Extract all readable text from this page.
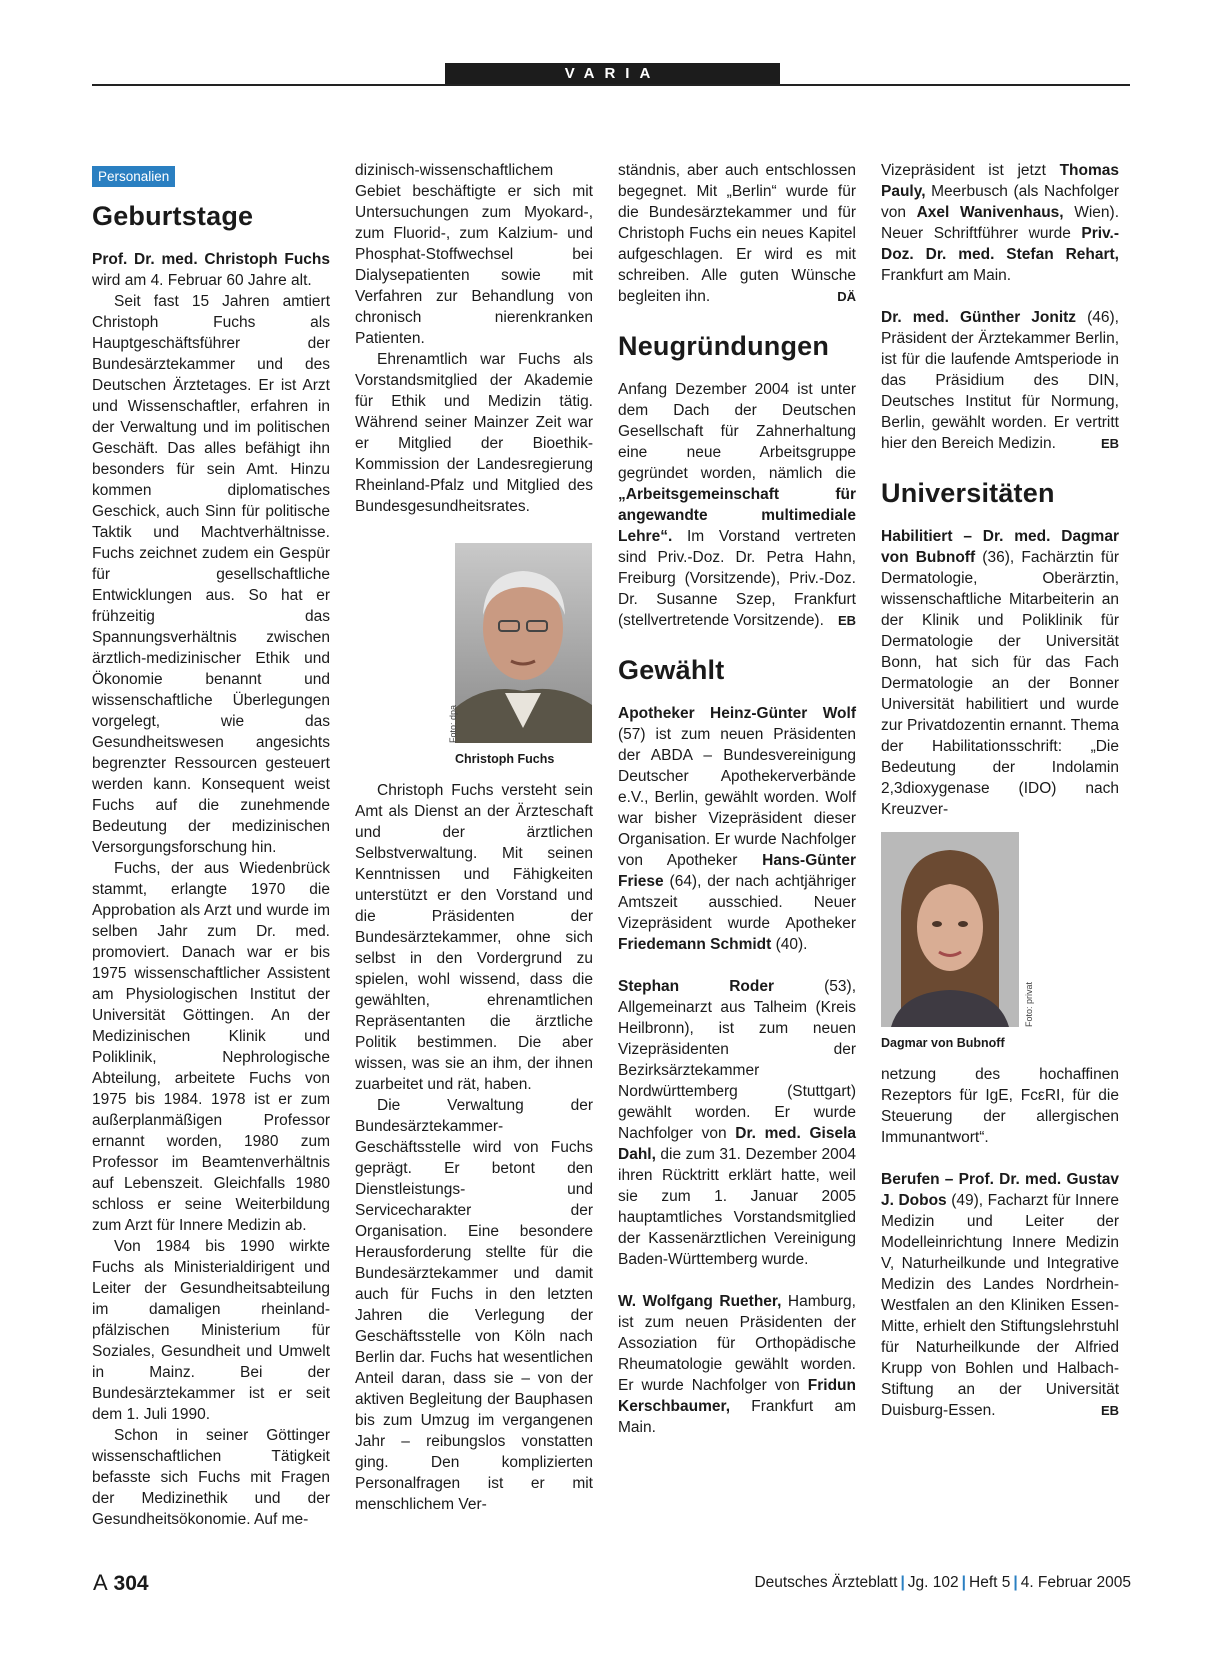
VARIA
Personalien
Geburtstage

Prof. Dr. med. Christoph Fuchs wird am 4. Februar 60 Jahre alt.

Seit fast 15 Jahren amtiert Christoph Fuchs als Hauptgeschäftsführer der Bundesärztekammer und des Deutschen Ärztetages. Er ist Arzt und Wissenschaftler, erfahren in der Verwaltung und im politischen Geschäft. Das alles befähigt ihn besonders für sein Amt. Hinzu kommen diplomatisches Geschick, auch Sinn für politische Taktik und Machtverhältnisse. Fuchs zeichnet zudem ein Gespür für gesellschaftliche Entwicklungen aus. So hat er frühzeitig das Spannungsverhältnis zwischen ärztlich-medizinischer Ethik und Ökonomie benannt und wissenschaftliche Überlegungen vorgelegt, wie das Gesundheitswesen angesichts begrenzter Ressourcen gesteuert werden kann. Konsequent weist Fuchs auf die zunehmende Bedeutung der medizinischen Versorgungsforschung hin.

Fuchs, der aus Wiedenbrück stammt, erlangte 1970 die Approbation als Arzt und wurde im selben Jahr zum Dr. med. promoviert. Danach war er bis 1975 wissenschaftlicher Assistent am Physiologischen Institut der Universität Göttingen. An der Medizinischen Klinik und Poliklinik, Nephrologische Abteilung, arbeitete Fuchs von 1975 bis 1984. 1978 ist er zum außerplanmäßigen Professor ernannt worden, 1980 zum Professor im Beamtenverhältnis auf Lebenszeit. Gleichfalls 1980 schloss er seine Weiterbildung zum Arzt für Innere Medizin ab.

Von 1984 bis 1990 wirkte Fuchs als Ministerialdirigent und Leiter der Gesundheitsabteilung im damaligen rheinland-pfälzischen Ministerium für Soziales, Gesundheit und Umwelt in Mainz. Bei der Bundesärztekammer ist er seit dem 1. Juli 1990.

Schon in seiner Göttinger wissenschaftlichen Tätigkeit befasste sich Fuchs mit Fragen der Medizinethik und der Gesundheitsökonomie. Auf me-

dizinisch-wissenschaftlichem Gebiet beschäftigte er sich mit Untersuchungen zum Myokard-, zum Fluorid-, zum Kalzium- und Phosphat-Stoffwechsel bei Dialysepatienten sowie mit Verfahren zur Behandlung von chronisch nierenkranken Patienten.

Ehrenamtlich war Fuchs als Vorstandsmitglied der Akademie für Ethik und Medizin tätig. Während seiner Mainzer Zeit war er Mitglied der Bioethik-Kommission der Landesregierung Rheinland-Pfalz und Mitglied des Bundesgesundheitsrates.

Foto: dpa
Christoph Fuchs

Christoph Fuchs versteht sein Amt als Dienst an der Ärzteschaft und der ärztlichen Selbstverwaltung. Mit seinen Kenntnissen und Fähigkeiten unterstützt er den Vorstand und die Präsidenten der Bundesärztekammer, ohne sich selbst in den Vordergrund zu spielen, wohl wissend, dass die gewählten, ehrenamtlichen Repräsentanten die ärztliche Politik bestimmen. Die aber wissen, was sie an ihm, der ihnen zuarbeitet und rät, haben.

Die Verwaltung der Bundesärztekammer-Geschäftsstelle wird von Fuchs geprägt. Er betont den Dienstleistungs- und Servicecharakter der Organisation. Eine besondere Herausforderung stellte für die Bundesärztekammer und damit auch für Fuchs in den letzten Jahren die Verlegung der Geschäftsstelle von Köln nach Berlin dar. Fuchs hat wesentlichen Anteil daran, dass sie – von der aktiven Begleitung der Bauphasen bis zum Umzug im vergangenen Jahr – reibungslos vonstatten ging. Den komplizierten Personalfragen ist er mit menschlichem Ver-

ständnis, aber auch entschlossen begegnet. Mit „Berlin“ wurde für die Bundesärztekammer und für Christoph Fuchs ein neues Kapitel aufgeschlagen. Er wird es mit schreiben. Alle guten Wünsche begleiten ihn.	DÄ

Neugründungen

Anfang Dezember 2004 ist unter dem Dach der Deutschen Gesellschaft für Zahnerhaltung eine neue Arbeitsgruppe gegründet worden, nämlich die „Arbeitsgemeinschaft für angewandte multimediale Lehre“. Im Vorstand vertreten sind Priv.-Doz. Dr. Petra Hahn, Freiburg (Vorsitzende), Priv.-Doz. Dr. Susanne Szep, Frankfurt (stellvertretende Vorsitzende). EB

Gewählt

Apotheker Heinz-Günter Wolf (57) ist zum neuen Präsidenten der ABDA – Bundesvereinigung Deutscher Apothekerverbände e.V., Berlin, gewählt worden. Wolf war bisher Vizepräsident dieser Organisation. Er wurde Nachfolger von Apotheker Hans-Günter Friese (64), der nach achtjähriger Amtszeit ausschied. Neuer Vizepräsident wurde Apotheker Friedemann Schmidt (40).

Stephan Roder (53), Allgemeinarzt aus Talheim (Kreis Heilbronn), ist zum neuen Vizepräsidenten der Bezirksärztekammer Nordwürttemberg (Stuttgart) gewählt worden. Er wurde Nachfolger von Dr. med. Gisela Dahl, die zum 31. Dezember 2004 ihren Rücktritt erklärt hatte, weil sie zum 1. Januar 2005 hauptamtliches Vorstandsmitglied der Kassenärztlichen Vereinigung Baden-Württemberg wurde.

W. Wolfgang Ruether, Hamburg, ist zum neuen Präsidenten der Assoziation für Orthopädische Rheumatologie gewählt worden. Er wurde Nachfolger von Fridun Kerschbaumer, Frankfurt am Main.

Vizepräsident ist jetzt Thomas Pauly, Meerbusch (als Nachfolger von Axel Wanivenhaus, Wien). Neuer Schriftführer wurde Priv.-Doz. Dr. med. Stefan Rehart, Frankfurt am Main.

Dr. med. Günther Jonitz (46), Präsident der Ärztekammer Berlin, ist für die laufende Amtsperiode in das Präsidium des DIN, Deutsches Institut für Normung, Berlin, gewählt worden. Er vertritt hier den Bereich Medizin.	EB

Universitäten

Habilitiert – Dr. med. Dagmar von Bubnoff (36), Fachärztin für Dermatologie, Oberärztin, wissenschaftliche Mitarbeiterin an der Klinik und Poliklinik für Dermatologie der Universität Bonn, hat sich für das Fach Dermatologie an der Bonner Universität habilitiert und wurde zur Privatdozentin ernannt. Thema der Habilitationsschrift: „Die Bedeutung der Indolamin 2,3dioxygenase (IDO) nach Kreuzver-

Foto: privat
Dagmar von Bubnoff

netzung des hochaffinen Rezeptors für IgE, FcεRI, für die Steuerung der allergischen Immunantwort“.

Berufen – Prof. Dr. med. Gustav J. Dobos (49), Facharzt für Innere Medizin und Leiter der Modelleinrichtung Innere Medizin V, Naturheilkunde und Integrative Medizin des Landes Nordrhein-Westfalen an den Kliniken Essen-Mitte, erhielt den Stiftungslehrstuhl für Naturheilkunde der Alfried Krupp von Bohlen und Halbach-Stiftung an der Universität Duisburg-Essen.	EB

A 304	Deutsches Ärzteblatt | Jg. 102 | Heft 5 | 4. Februar 2005
